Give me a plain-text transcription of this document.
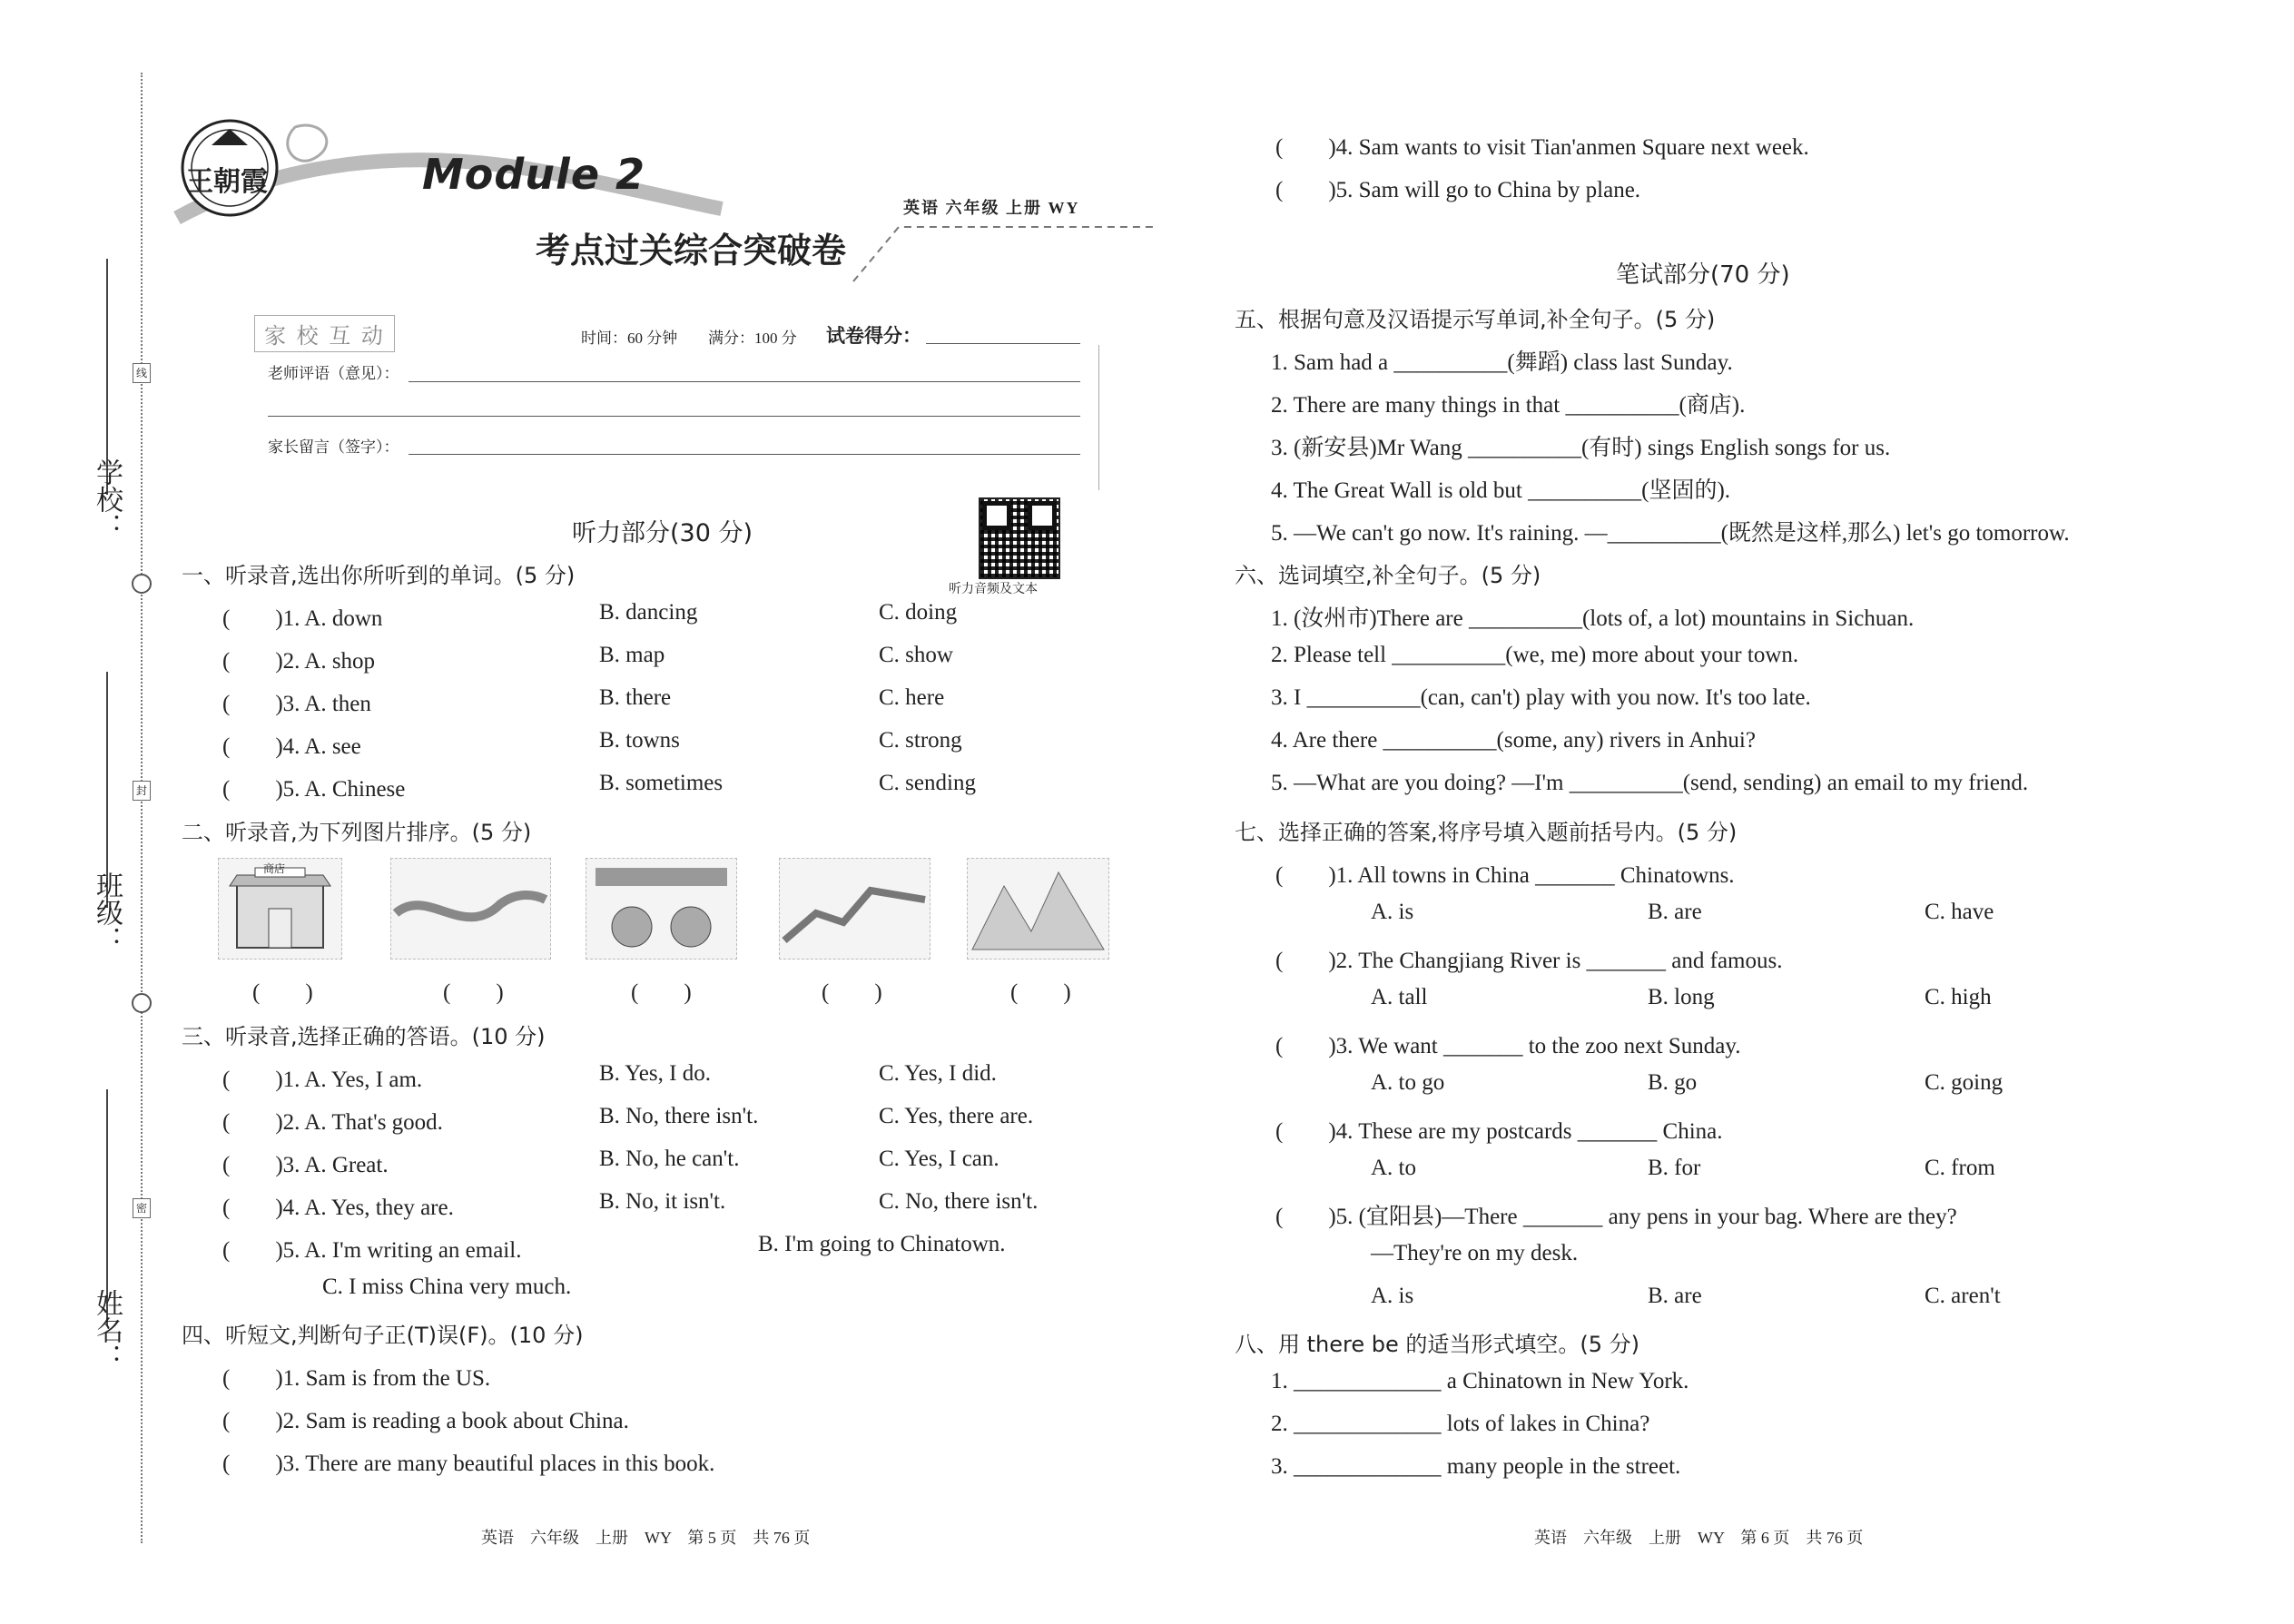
学校：
班级：
姓名：
线
封
密
王朝霞	Module 2
考点过关综合突破卷
英语 六年级 上册 WY
家 校 互 动	时间：60 分钟 满分：100 分 试卷得分：
老师评语（意见）：
家长留言（签字）：
听力音频及文本
听力部分(30 分)
一、听录音,选出你所听到的单词。(5 分)
(　　)1. A. down	B. dancing	C. doing
(　　)2. A. shop	B. map	C. show
(　　)3. A. then	B. there	C. here
(　　)4. A. see	B. towns	C. strong
(　　)5. A. Chinese	B. sometimes	C. sending
二、听录音,为下列图片排序。(5 分)
商店
(　　)	(　　)	(　　)	(　　)	(　　)
三、听录音,选择正确的答语。(10 分)
(　　)1. A. Yes, I am.	B. Yes, I do.	C. Yes, I did.
(　　)2. A. That's good.	B. No, there isn't.	C. Yes, there are.
(　　)3. A. Great.	B. No, he can't.	C. Yes, I can.
(　　)4. A. Yes, they are.	B. No, it isn't.	C. No, there isn't.
(　　)5. A. I'm writing an email.	B. I'm going to Chinatown.
C. I miss China very much.
四、听短文,判断句子正(T)误(F)。(10 分)
(　　)1. Sam is from the US.
(　　)2. Sam is reading a book about China.
(　　)3. There are many beautiful places in this book.
英语　六年级　上册　WY　第 5 页　共 76 页
(　　)4. Sam wants to visit Tian'anmen Square next week.
(　　)5. Sam will go to China by plane.
笔试部分(70 分)
五、根据句意及汉语提示写单词,补全句子。(5 分)
1. Sam had a __________(舞蹈) class last Sunday.
2. There are many things in that __________(商店).
3. (新安县)Mr Wang __________(有时) sings English songs for us.
4. The Great Wall is old but __________(坚固的).
5. —We can't go now. It's raining. —__________(既然是这样,那么) let's go tomorrow.
六、选词填空,补全句子。(5 分)
1. (汝州市)There are __________(lots of, a lot) mountains in Sichuan.
2. Please tell __________(we, me) more about your town.
3. I __________(can, can't) play with you now. It's too late.
4. Are there __________(some, any) rivers in Anhui?
5. —What are you doing? —I'm __________(send, sending) an email to my friend.
七、选择正确的答案,将序号填入题前括号内。(5 分)
(　　)1. All towns in China _______ Chinatowns.
A. is	B. are	C. have
(　　)2. The Changjiang River is _______ and famous.
A. tall	B. long	C. high
(　　)3. We want _______ to the zoo next Sunday.
A. to go	B. go	C. going
(　　)4. These are my postcards _______ China.
A. to	B. for	C. from
(　　)5. (宜阳县)—There _______ any pens in your bag. Where are they?
—They're on my desk.
A. is	B. are	C. aren't
八、用 there be 的适当形式填空。(5 分)
1. _____________ a Chinatown in New York.
2. _____________ lots of lakes in China?
3. _____________ many people in the street.
英语　六年级　上册　WY　第 6 页　共 76 页
